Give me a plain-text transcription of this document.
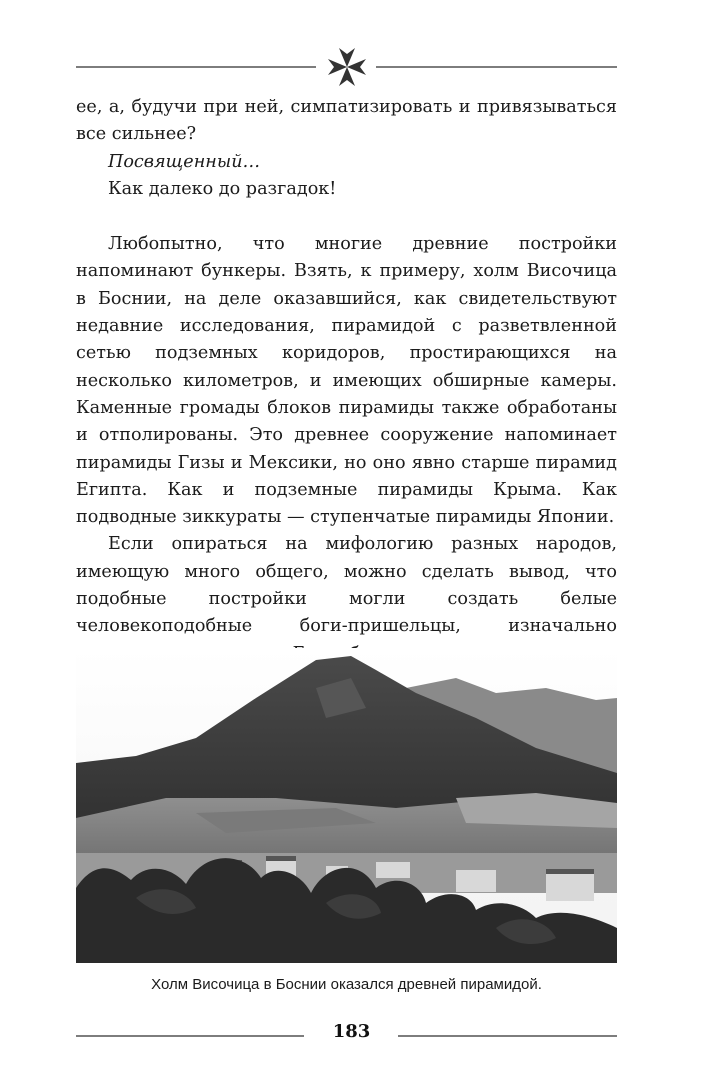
ее, а, будучи при ней, симпатизировать и привязываться все сильнее?

Посвященный…

Как далеко до разгадок!

Любопытно, что многие древние постройки напоминают бункеры. Взять, к примеру, холм Височица в Боснии, на деле оказавшийся, как свидетельствуют недавние исследования, пирамидой с разветвленной сетью подземных коридоров, простирающихся на несколько километров, и имеющих обширные камеры. Каменные громады блоков пирамиды также обработаны и отполированы. Это древнее сооружение напоминает пирамиды Гизы и Мексики, но оно явно старше пирамид Египта. Как и подземные пирамиды Крыма. Как подводные зиккураты — ступенчатые пирамиды Японии.

Если опираться на мифологию разных народов, имеющую много общего, можно сделать вывод, что подобные постройки могли создать белые человекоподобные боги-пришельцы, изначально

Холм Височица в Боснии оказался древней пирамидой.
183
